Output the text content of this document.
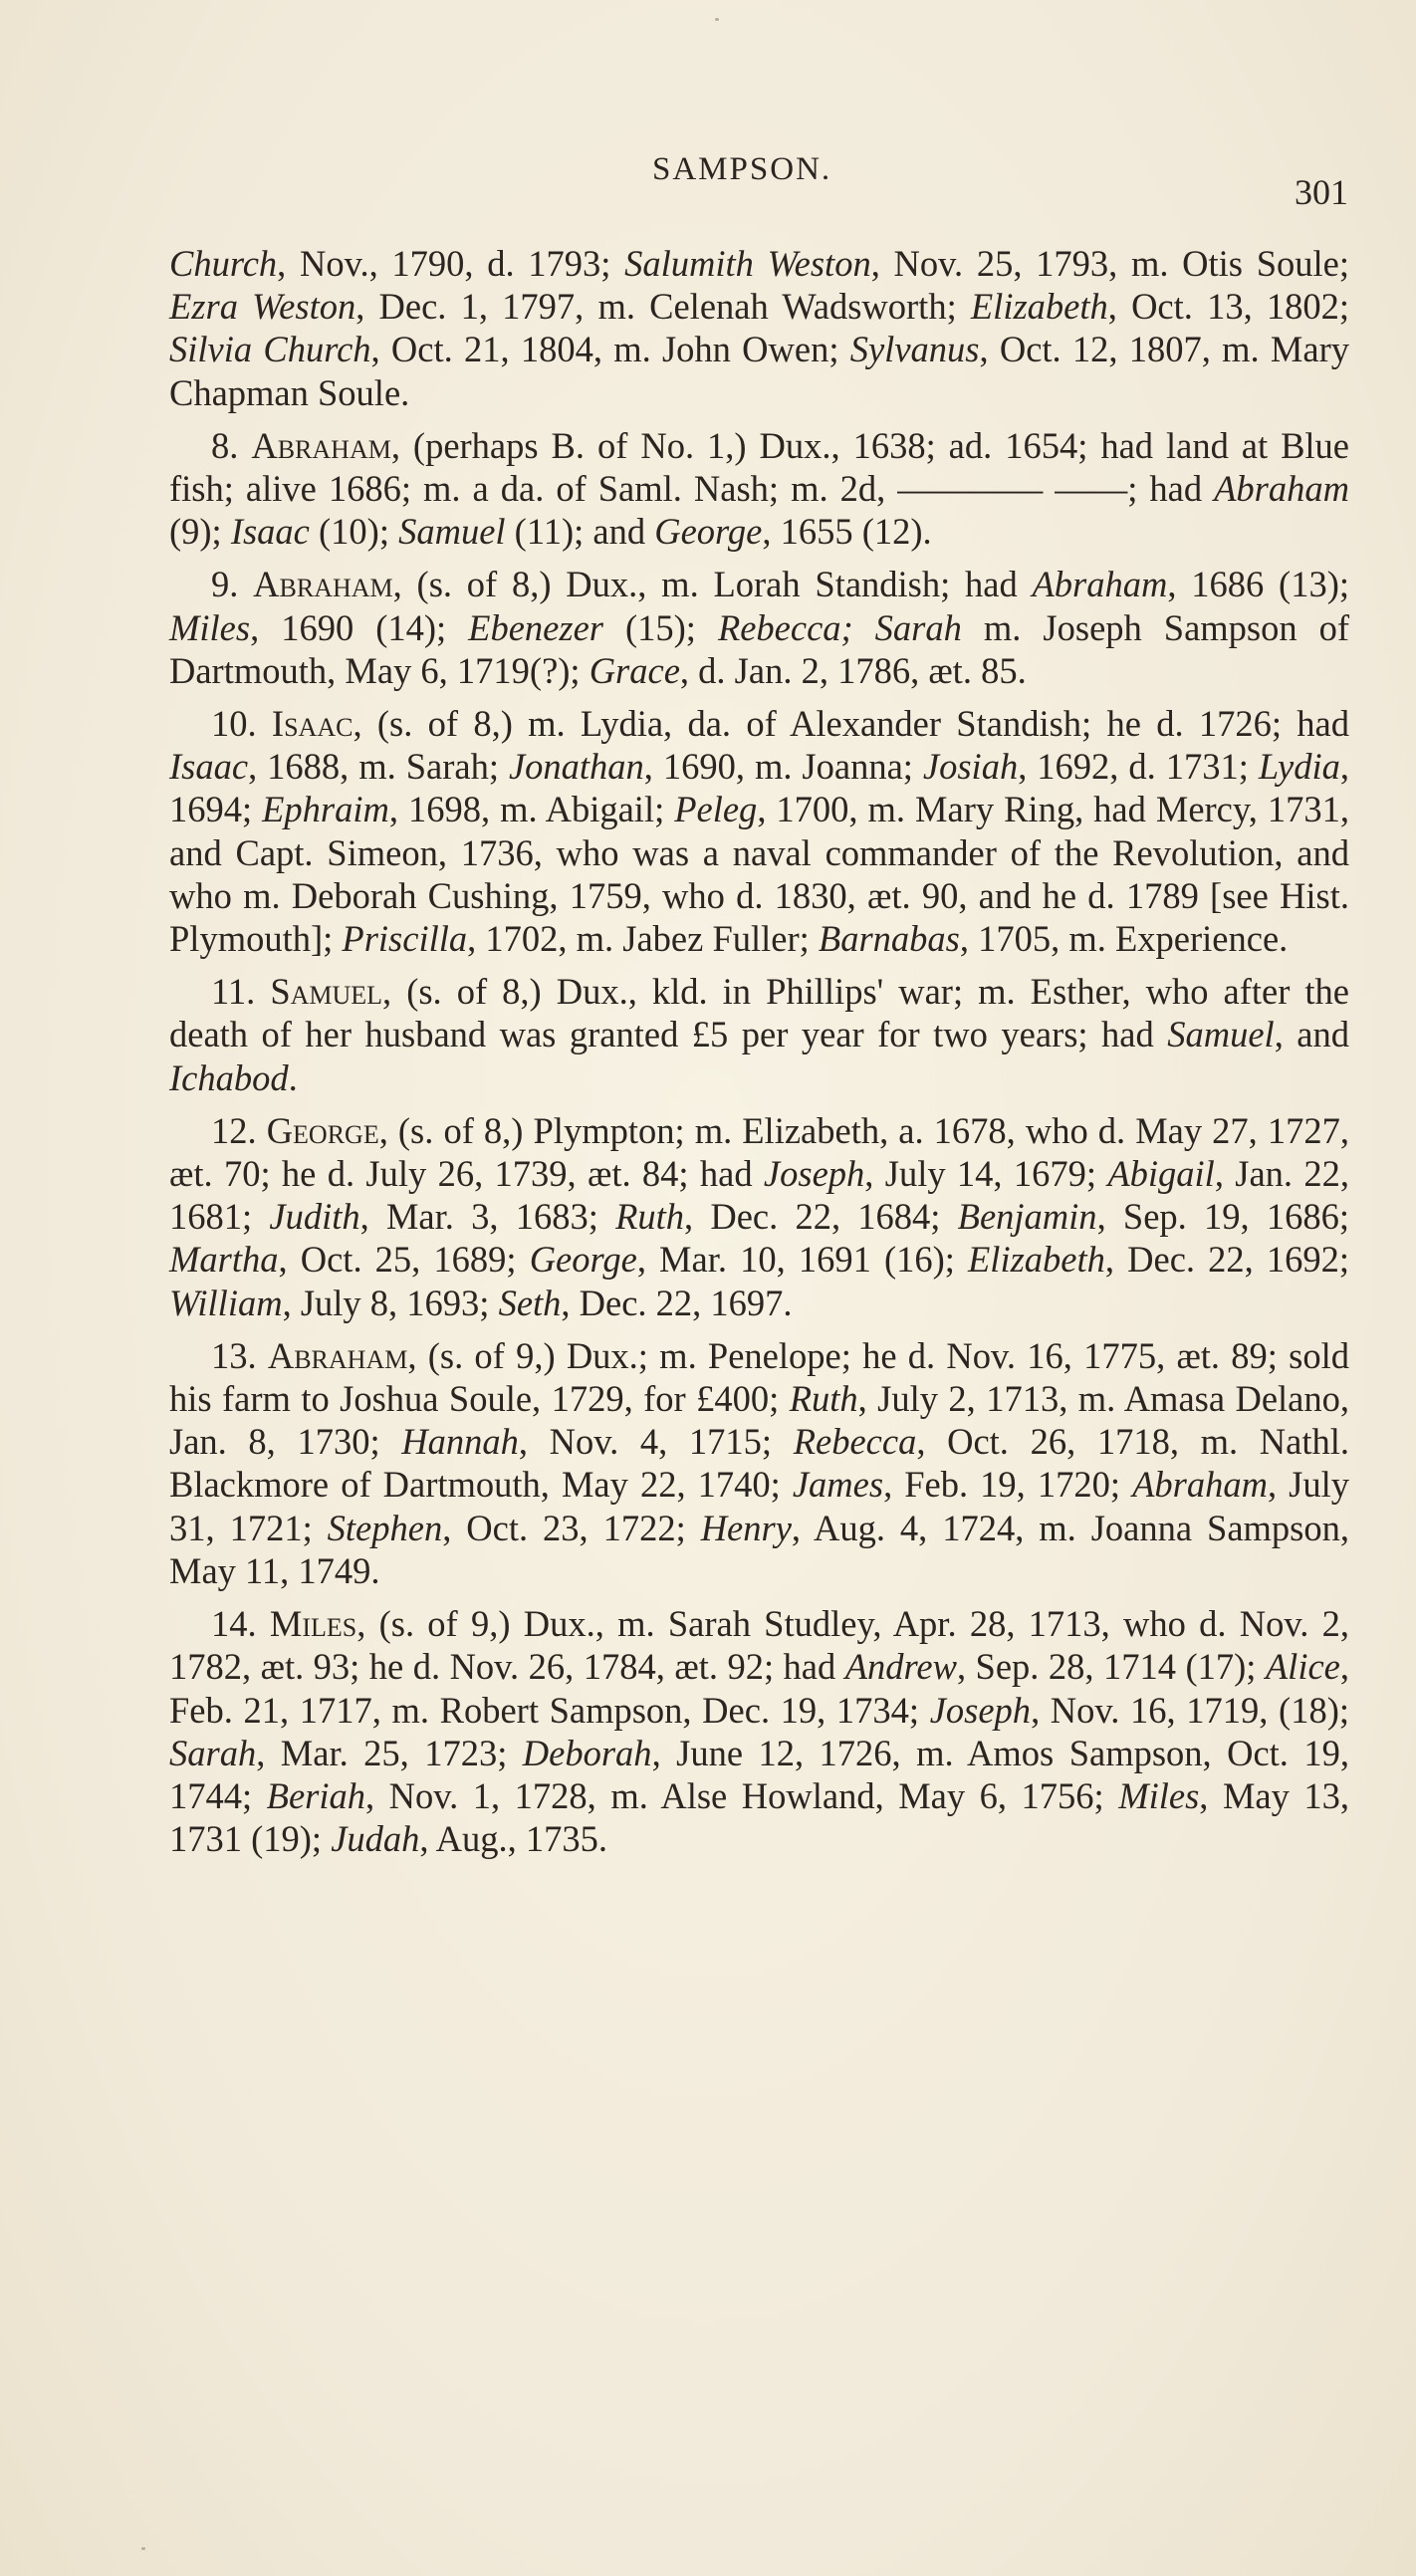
SAMPSON.
301

Church, Nov., 1790, d. 1793; Salumith Weston, Nov. 25, 1793, m. Otis Soule; Ezra Weston, Dec. 1, 1797, m. Celenah Wadsworth; Elizabeth, Oct. 13, 1802; Silvia Church, Oct. 21, 1804, m. John Owen; Sylvanus, Oct. 12, 1807, m. Mary Chapman Soule.

8. Abraham, (perhaps B. of No. 1,) Dux., 1638; ad. 1654; had land at Blue fish; alive 1686; m. a da. of Saml. Nash; m. 2d, ———— ——; had Abraham (9); Isaac (10); Samuel (11); and George, 1655 (12).

9. Abraham, (s. of 8,) Dux., m. Lorah Standish; had Abraham, 1686 (13); Miles, 1690 (14); Ebenezer (15); Rebecca; Sarah m. Joseph Sampson of Dartmouth, May 6, 1719(?); Grace, d. Jan. 2, 1786, æt. 85.

10. Isaac, (s. of 8,) m. Lydia, da. of Alexander Standish; he d. 1726; had Isaac, 1688, m. Sarah; Jonathan, 1690, m. Joanna; Josiah, 1692, d. 1731; Lydia, 1694; Ephraim, 1698, m. Abigail; Peleg, 1700, m. Mary Ring, had Mercy, 1731, and Capt. Simeon, 1736, who was a naval commander of the Revolution, and who m. Deborah Cushing, 1759, who d. 1830, æt. 90, and he d. 1789 [see Hist. Plymouth]; Priscilla, 1702, m. Jabez Fuller; Barnabas, 1705, m. Experience.

11. Samuel, (s. of 8,) Dux., kld. in Phillips' war; m. Esther, who after the death of her husband was granted £5 per year for two years; had Samuel, and Ichabod.

12. George, (s. of 8,) Plympton; m. Elizabeth, a. 1678, who d. May 27, 1727, æt. 70; he d. July 26, 1739, æt. 84; had Joseph, July 14, 1679; Abigail, Jan. 22, 1681; Judith, Mar. 3, 1683; Ruth, Dec. 22, 1684; Benjamin, Sep. 19, 1686; Martha, Oct. 25, 1689; George, Mar. 10, 1691 (16); Elizabeth, Dec. 22, 1692; William, July 8, 1693; Seth, Dec. 22, 1697.

13. Abraham, (s. of 9,) Dux.; m. Penelope; he d. Nov. 16, 1775, æt. 89; sold his farm to Joshua Soule, 1729, for £400; Ruth, July 2, 1713, m. Amasa Delano, Jan. 8, 1730; Hannah, Nov. 4, 1715; Rebecca, Oct. 26, 1718, m. Nathl. Blackmore of Dartmouth, May 22, 1740; James, Feb. 19, 1720; Abraham, July 31, 1721; Stephen, Oct. 23, 1722; Henry, Aug. 4, 1724, m. Joanna Sampson, May 11, 1749.

14. Miles, (s. of 9,) Dux., m. Sarah Studley, Apr. 28, 1713, who d. Nov. 2, 1782, æt. 93; he d. Nov. 26, 1784, æt. 92; had Andrew, Sep. 28, 1714 (17); Alice, Feb. 21, 1717, m. Robert Sampson, Dec. 19, 1734; Joseph, Nov. 16, 1719, (18); Sarah, Mar. 25, 1723; Deborah, June 12, 1726, m. Amos Sampson, Oct. 19, 1744; Beriah, Nov. 1, 1728, m. Alse Howland, May 6, 1756; Miles, May 13, 1731 (19); Judah, Aug., 1735.
